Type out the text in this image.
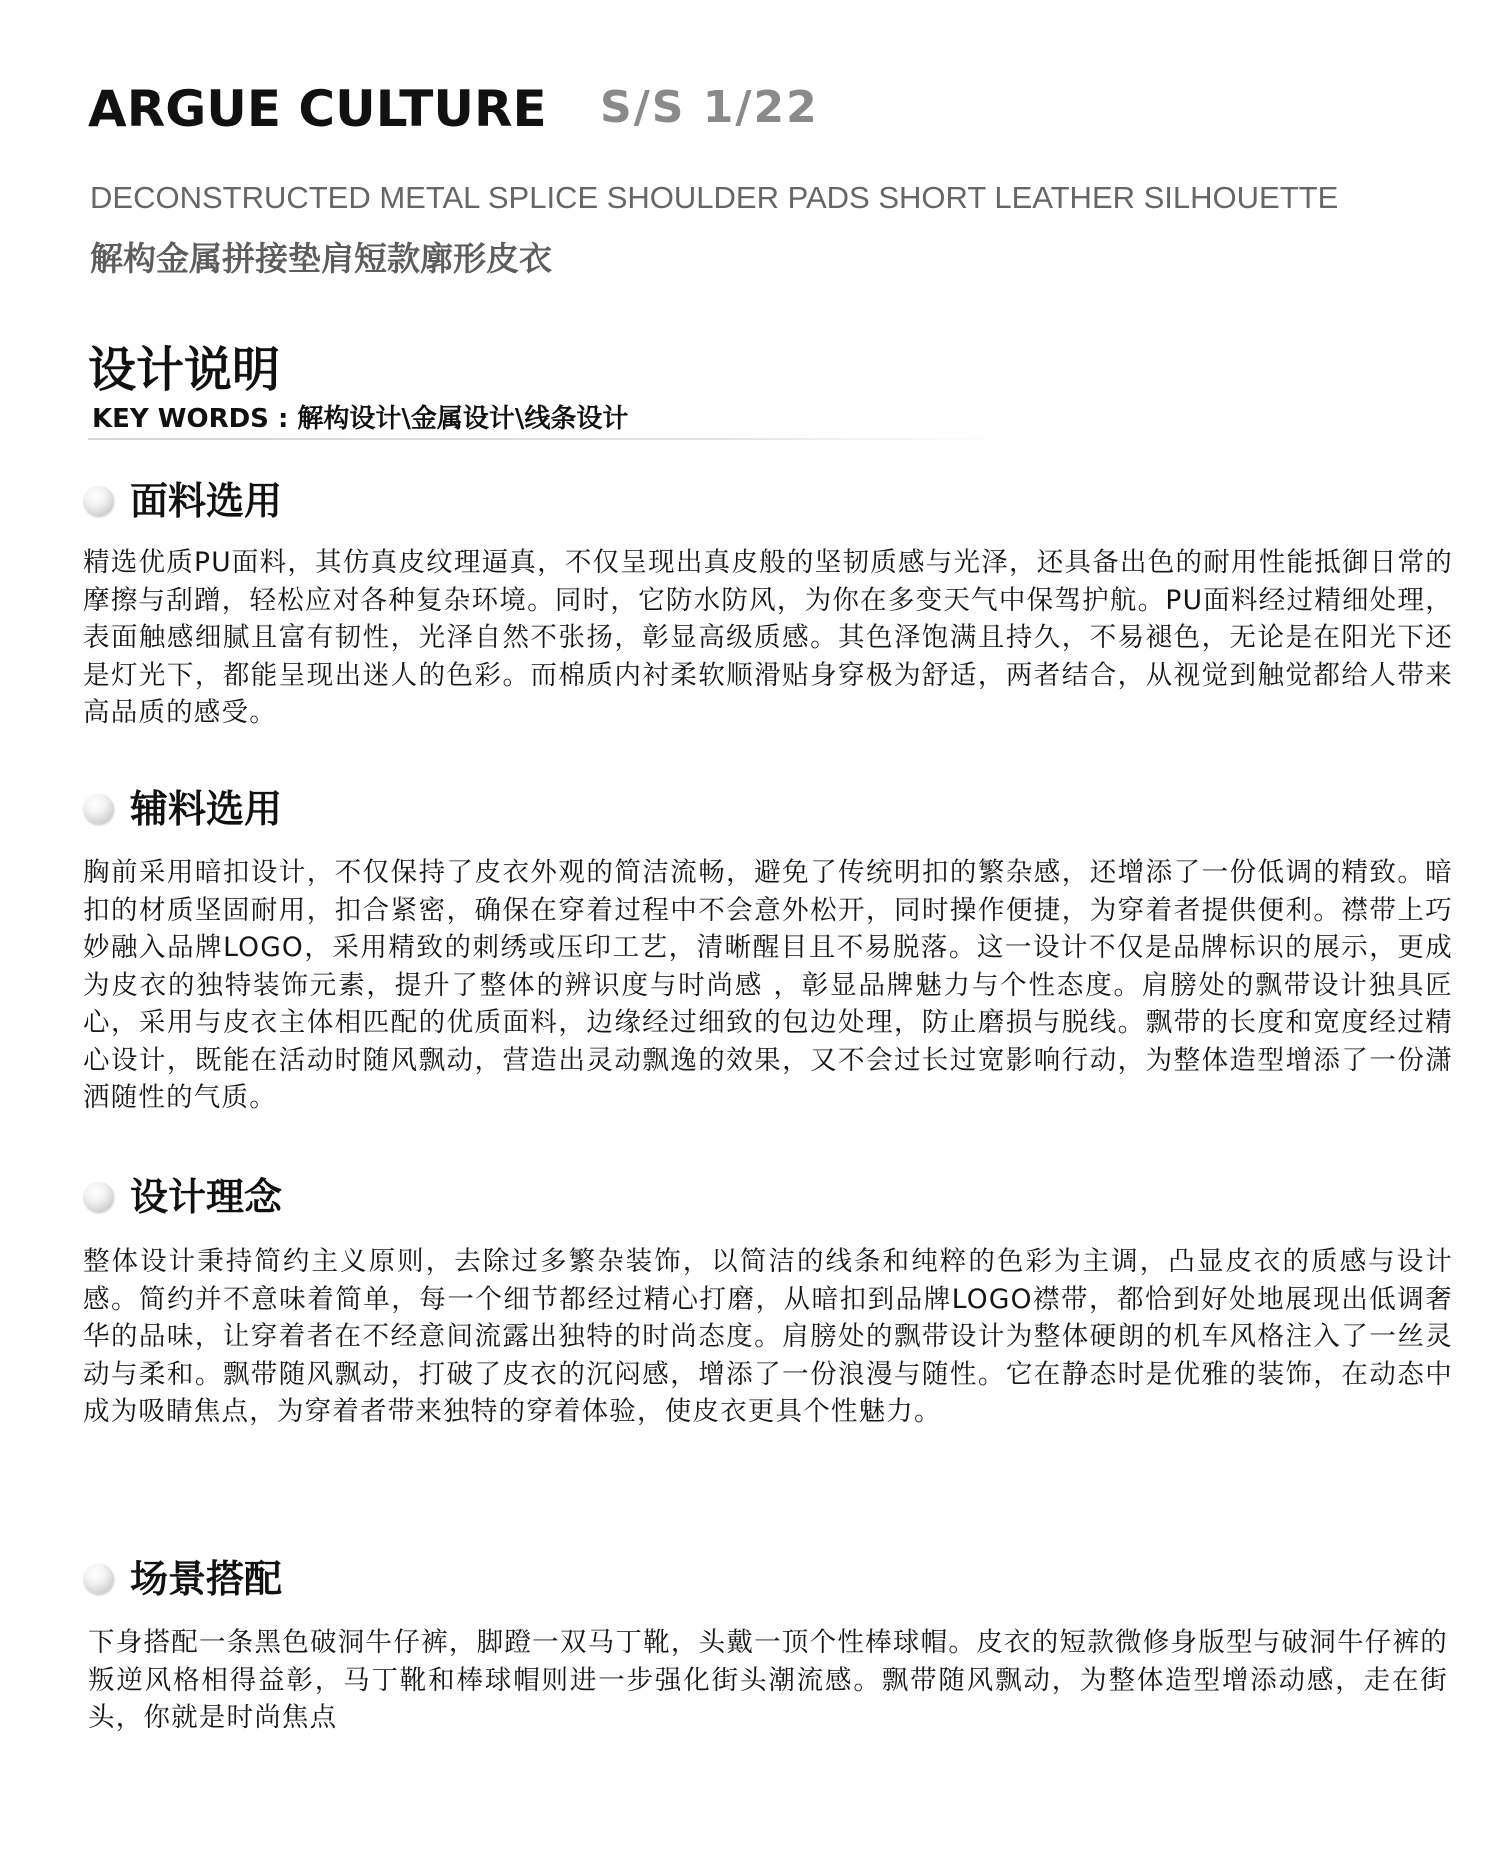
ARGUE CULTURE S/S 1/22
DECONSTRUCTED METAL SPLICE SHOULDER PADS SHORT LEATHER SILHOUETTE
解构金属拼接垫肩短款廓形皮衣
设计说明
KEY WORDS : 解构设计\金属设计\线条设计
面料选用

精选优质PU面料，其仿真皮纹理逼真，不仅呈现出真皮般的坚韧质感与光泽，还具备出色的耐用性能抵御日常的摩擦与刮蹭，轻松应对各种复杂环境。同时，它防水防风，为你在多变天气中保驾护航。PU面料经过精细处理，表面触感细腻且富有韧性，光泽自然不张扬，彰显高级质感。其色泽饱满且持久，不易褪色，无论是在阳光下还是灯光下，都能呈现出迷人的色彩。而棉质内衬柔软顺滑贴身穿极为舒适，两者结合，从视觉到触觉都给人带来高品质的感受。

辅料选用

胸前采用暗扣设计，不仅保持了皮衣外观的简洁流畅，避免了传统明扣的繁杂感，还增添了一份低调的精致。暗扣的材质坚固耐用，扣合紧密，确保在穿着过程中不会意外松开，同时操作便捷，为穿着者提供便利。襟带上巧妙融入品牌LOGO，采用精致的刺绣或压印工艺，清晰醒目且不易脱落。这一设计不仅是品牌标识的展示，更成为皮衣的独特装饰元素，提升了整体的辨识度与时尚感 ，彰显品牌魅力与个性态度。肩膀处的飘带设计独具匠心，采用与皮衣主体相匹配的优质面料，边缘经过细致的包边处理，防止磨损与脱线。飘带的长度和宽度经过精心设计，既能在活动时随风飘动，营造出灵动飘逸的效果，又不会过长过宽影响行动，为整体造型增添了一份潇洒随性的气质。

设计理念

整体设计秉持简约主义原则，去除过多繁杂装饰，以简洁的线条和纯粹的色彩为主调，凸显皮衣的质感与设计感。简约并不意味着简单，每一个细节都经过精心打磨，从暗扣到品牌LOGO襟带，都恰到好处地展现出低调奢华的品味，让穿着者在不经意间流露出独特的时尚态度。肩膀处的飘带设计为整体硬朗的机车风格注入了一丝灵动与柔和。飘带随风飘动，打破了皮衣的沉闷感，增添了一份浪漫与随性。它在静态时是优雅的装饰，在动态中成为吸睛焦点，为穿着者带来独特的穿着体验，使皮衣更具个性魅力。

场景搭配

下身搭配一条黑色破洞牛仔裤，脚蹬一双马丁靴，头戴一顶个性棒球帽。皮衣的短款微修身版型与破洞牛仔裤的叛逆风格相得益彰，马丁靴和棒球帽则进一步强化街头潮流感。飘带随风飘动，为整体造型增添动感，走在街头，你就是时尚焦点
